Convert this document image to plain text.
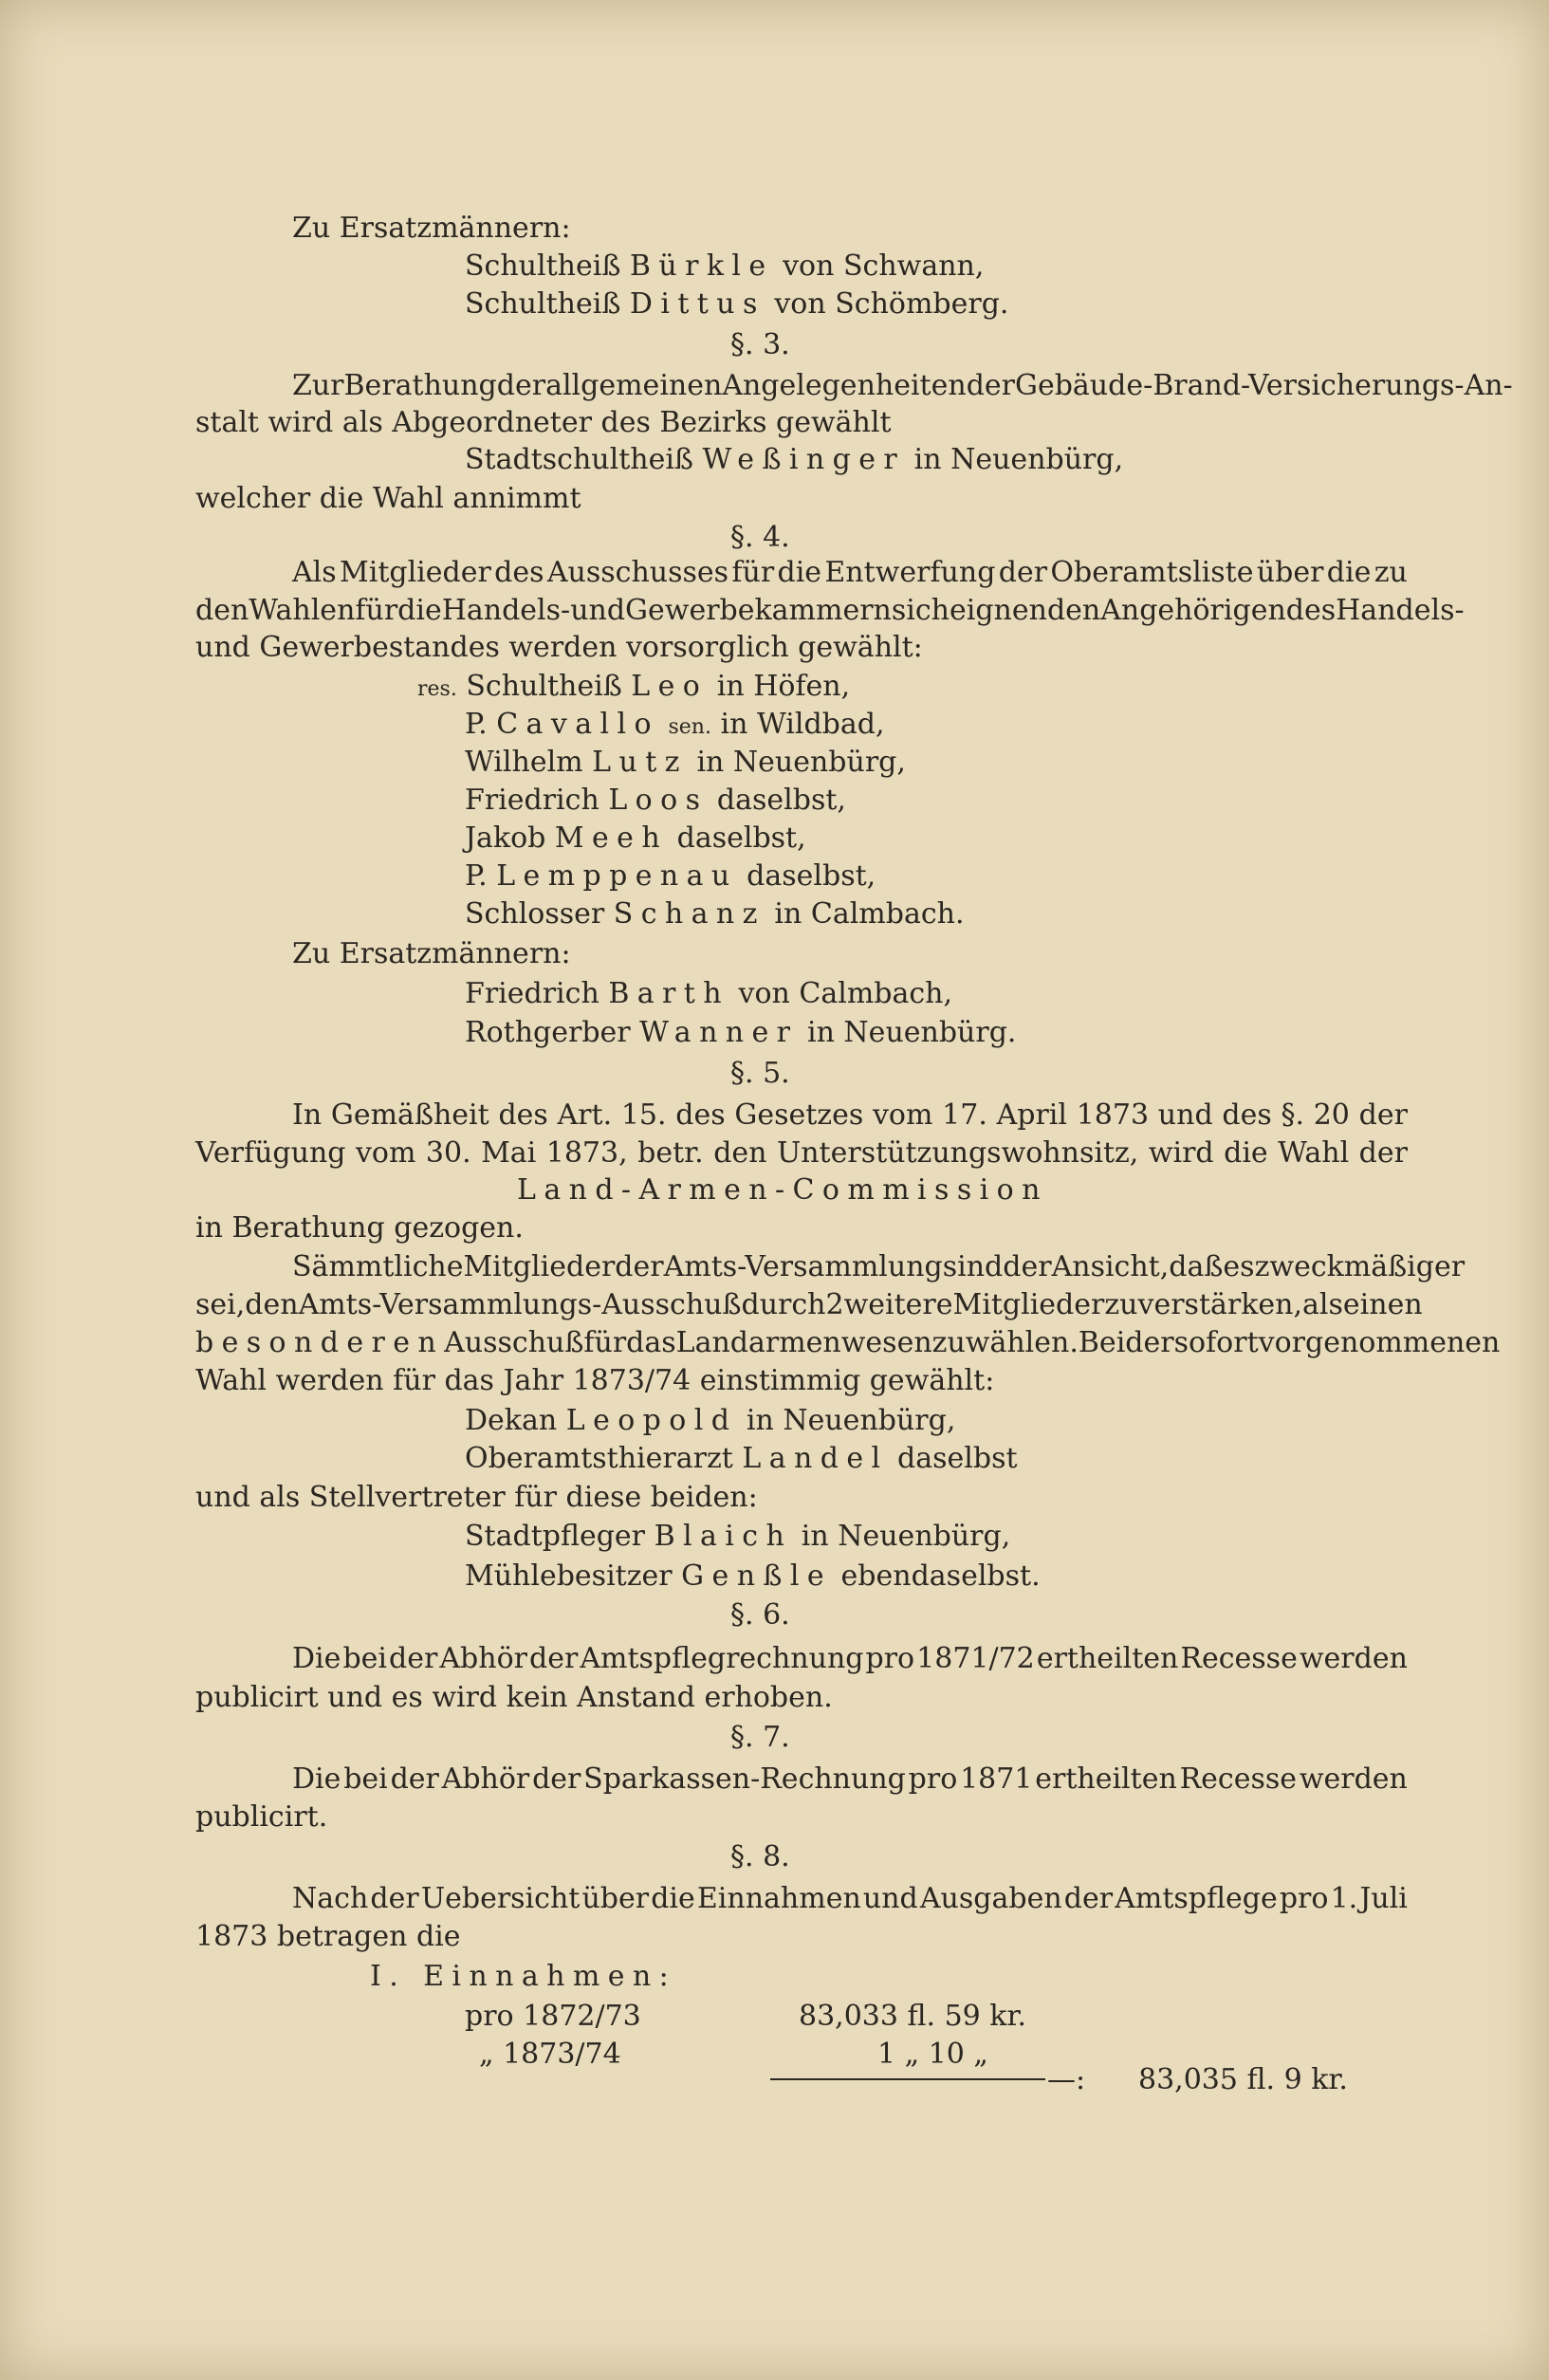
Zu Ersatzmännern:

Schultheiß Bürkle von Schwann,

Schultheiß Dittus von Schömberg.

§. 3.

Zur Berathung der allgemeinen Angelegenheiten der Gebäude-Brand-Versicherungs-An-

stalt wird als Abgeordneter des Bezirks gewählt

Stadtschultheiß Weßinger in Neuenbürg,

welcher die Wahl annimmt

§. 4.

Als Mitglieder des Ausschusses für die Entwerfung der Oberamtsliste über die zu

den Wahlen für die Handels- und Gewerbekammern sich eignenden Angehörigen des Handels-

und Gewerbestandes werden vorsorglich gewählt:

res. Schultheiß Leo in Höfen,

P. Cavallo sen. in Wildbad,

Wilhelm Lutz in Neuenbürg,

Friedrich Loos daselbst,

Jakob Meeh daselbst,

P. Lemppenau daselbst,

Schlosser Schanz in Calmbach.

Zu Ersatzmännern:

Friedrich Barth von Calmbach,

Rothgerber Wanner in Neuenbürg.

§. 5.

In Gemäßheit des Art. 15. des Gesetzes vom 17. April 1873 und des §. 20 der

Verfügung vom 30. Mai 1873, betr. den Unterstützungswohnsitz, wird die Wahl der

Land-Armen-Commission

in Berathung gezogen.

Sämmtliche Mitglieder der Amts-Versammlung sind der Ansicht, daß es zweckmäßiger

sei, den Amts-Versammlungs-Ausschuß durch 2 weitere Mitglieder zu verstärken, als einen

besonderen Ausschuß für das Landarmenwesen zu wählen. Bei der sofort vorgenommenen

Wahl werden für das Jahr 1873/74 einstimmig gewählt:

Dekan Leopold in Neuenbürg,

Oberamtsthierarzt Landel daselbst

und als Stellvertreter für diese beiden:

Stadtpfleger Blaich in Neuenbürg,

Mühlebesitzer Genßle ebendaselbst.

§. 6.

Die bei der Abhör der Amtspflegrechnung pro 1871/72 ertheilten Recesse werden

publicirt und es wird kein Anstand erhoben.

§. 7.

Die bei der Abhör der Sparkassen-Rechnung pro 1871 ertheilten Recesse werden

publicirt.

§. 8.

Nach der Uebersicht über die Einnahmen und Ausgaben der Amtspflege pro 1. Juli

1873 betragen die

I. Einnahmen:

pro 1872/73	83,033 fl. 59 kr.

„ 1873/74	1 „ 10 „

—: 83,035 fl. 9 kr.
